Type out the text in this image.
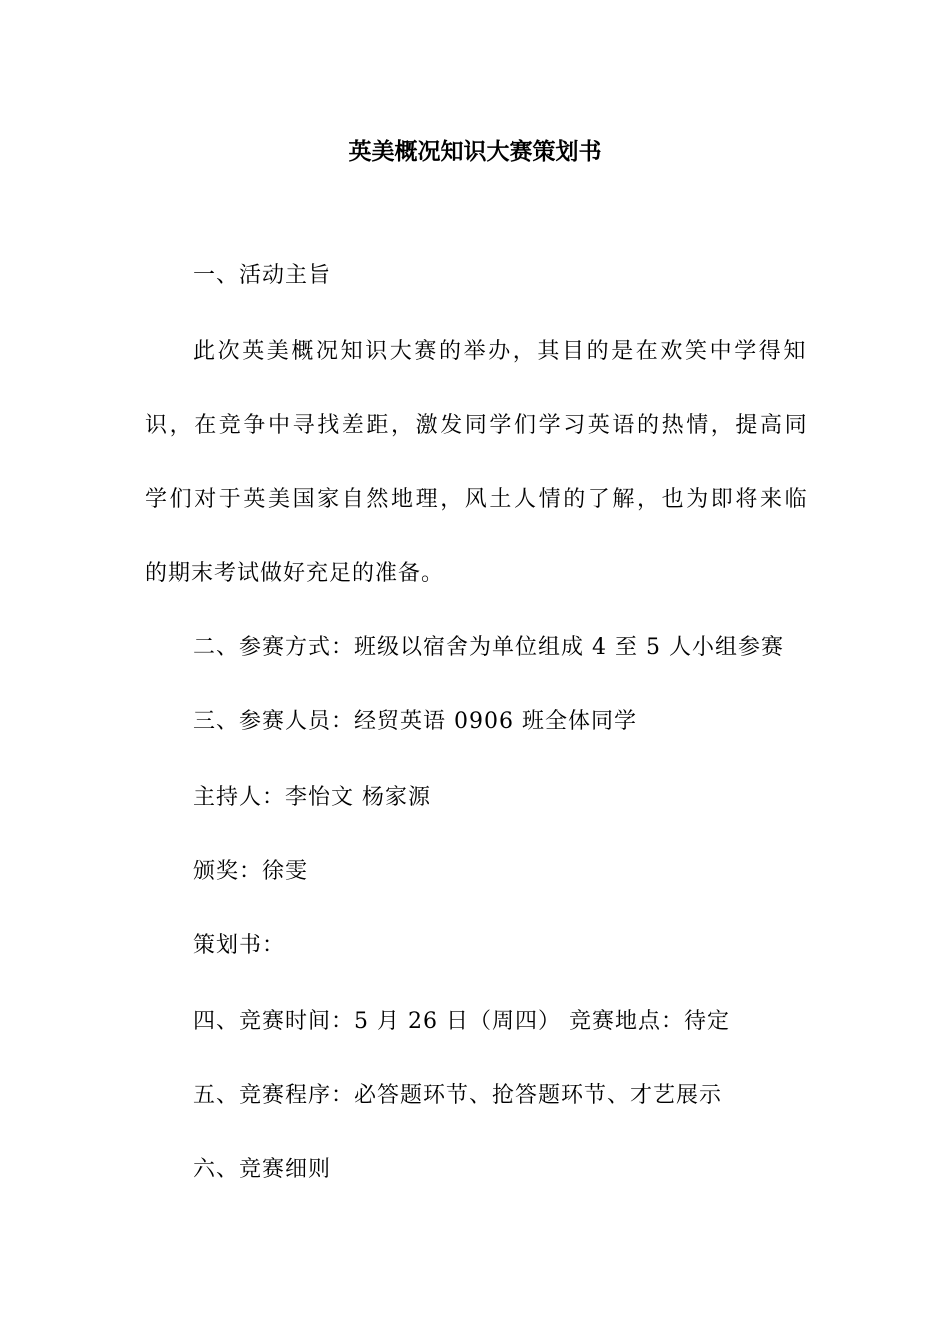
英美概况知识大赛策划书
一、活动主旨
此次英美概况知识大赛的举办，其目的是在欢笑中学得知
识，在竞争中寻找差距，激发同学们学习英语的热情，提高同
学们对于英美国家自然地理，风土人情的了解，也为即将来临
的期末考试做好充足的准备。
二、参赛方式：班级以宿舍为单位组成 4 至 5 人小组参赛
三、参赛人员：经贸英语 0906 班全体同学
主持人：李怡文 杨家源
颁奖：徐雯
策划书：
四、竞赛时间：5 月 26 日（周四） 竞赛地点：待定
五、竞赛程序：必答题环节、抢答题环节、才艺展示
六、竞赛细则
